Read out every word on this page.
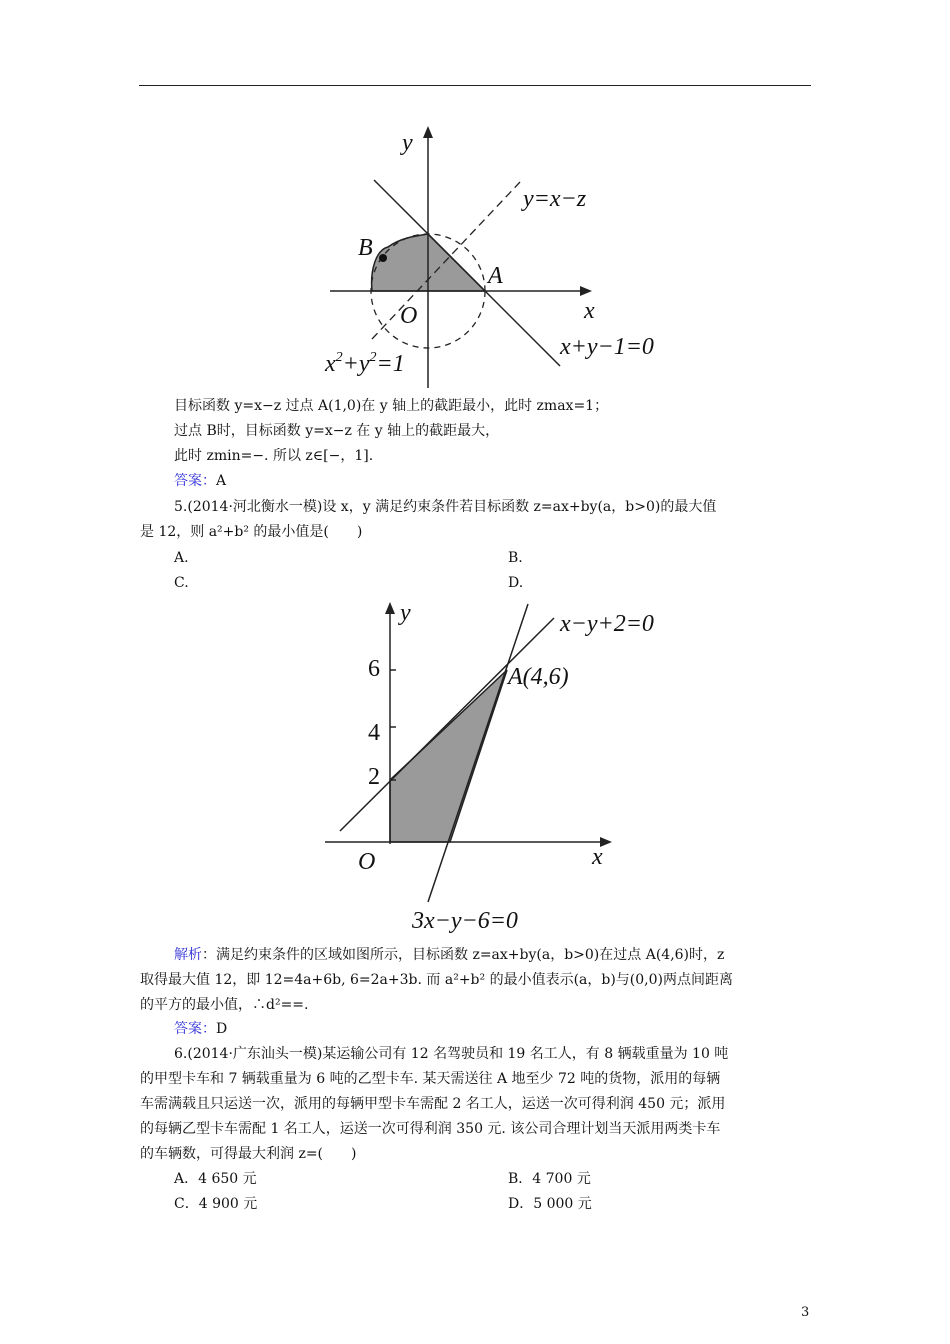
y
x
O
A
B
y=x−z
x+y−1=0
$x^2+y^2=1$
目标函数 y=x−z 过点 A(1,0)在 y 轴上的截距最小，此时 zmax=1；
过点 B时，目标函数 y=x−z 在 y 轴上的截距最大，
此时 zmin=−. 所以 z∈[−，1].
答案：A
5.(2014·河北衡水一模)设 x，y 满足约束条件若目标函数 z=ax+by(a，b>0)的最大值
是 12，则 a²+b² 的最小值是(　　)
A.	B.
C.	D.
y
x
O
2
4
6
x−y+2=0
A(4,6)
3x−y−6=0
解析：满足约束条件的区域如图所示，目标函数 z=ax+by(a，b>0)在过点 A(4,6)时，z
取得最大值 12，即 12=4a+6b, 6=2a+3b. 而 a²+b² 的最小值表示(a，b)与(0,0)两点间距离
的平方的最小值，∴d²==.
答案：D
6.(2014·广东汕头一模)某运输公司有 12 名驾驶员和 19 名工人，有 8 辆载重量为 10 吨
的甲型卡车和 7 辆载重量为 6 吨的乙型卡车. 某天需送往 A 地至少 72 吨的货物，派用的每辆
车需满载且只运送一次，派用的每辆甲型卡车需配 2 名工人，运送一次可得利润 450 元；派用
的每辆乙型卡车需配 1 名工人，运送一次可得利润 350 元. 该公司合理计划当天派用两类卡车
的车辆数，可得最大利润 z=(　　)
A．4 650 元	B．4 700 元
C．4 900 元	D．5 000 元
3
